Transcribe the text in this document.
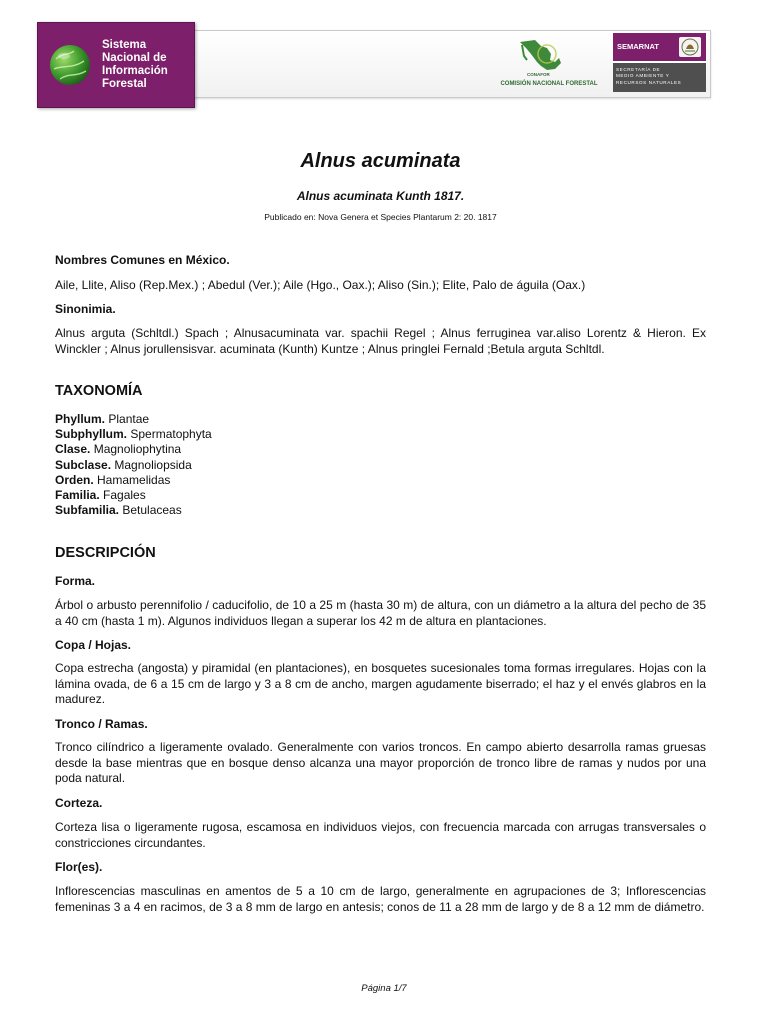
Sistema
Nacional de
Información
Forestal
CONAFOR
COMISIÓN NACIONAL FORESTAL
SEMARNAT
SECRETARÍA DE
MEDIO AMBIENTE Y
RECURSOS NATURALES
Alnus acuminata
Alnus acuminata Kunth 1817.
Publicado en: Nova Genera et Species Plantarum 2: 20. 1817
Nombres Comunes en México.
Aile, Llite, Aliso (Rep.Mex.) ; Abedul (Ver.); Aile (Hgo., Oax.); Aliso (Sin.); Elite, Palo de águila (Oax.)
Sinonimia.
Alnus arguta (Schltdl.) Spach ; Alnusacuminata var. spachii Regel ; Alnus ferruginea var.aliso Lorentz & Hieron. Ex Winckler ; Alnus jorullensisvar. acuminata (Kunth) Kuntze ; Alnus pringlei Fernald ;Betula arguta Schltdl.
TAXONOMÍA
Phyllum. Plantae
Subphyllum. Spermatophyta
Clase. Magnoliophytina
Subclase. Magnoliopsida
Orden. Hamamelidas
Familia. Fagales
Subfamilia. Betulaceas
DESCRIPCIÓN
Forma.
Árbol o arbusto perennifolio / caducifolio, de 10 a 25 m (hasta 30 m) de altura, con un diámetro a la altura del pecho de 35 a 40 cm (hasta 1 m). Algunos individuos llegan a superar los 42 m de altura en plantaciones.
Copa / Hojas.
Copa estrecha (angosta) y piramidal (en plantaciones), en bosquetes sucesionales toma formas irregulares. Hojas con la lámina ovada, de 6 a 15 cm de largo y 3 a 8 cm de ancho, margen agudamente biserrado; el haz y el envés glabros en la madurez.
Tronco / Ramas.
Tronco cilíndrico a ligeramente ovalado. Generalmente con varios troncos. En campo abierto desarrolla ramas gruesas desde la base mientras que en bosque denso alcanza una mayor proporción de tronco libre de ramas y nudos por una poda natural.
Corteza.
Corteza lisa o ligeramente rugosa, escamosa en individuos viejos, con frecuencia marcada con arrugas transversales o constricciones circundantes.
Flor(es).
Inflorescencias masculinas en amentos de 5 a 10 cm de largo, generalmente en agrupaciones de 3; Inflorescencias femeninas 3 a 4 en racimos, de 3 a 8 mm de largo en antesis; conos de 11 a 28 mm de largo y de 8 a 12 mm de diámetro.
Página 1/7
